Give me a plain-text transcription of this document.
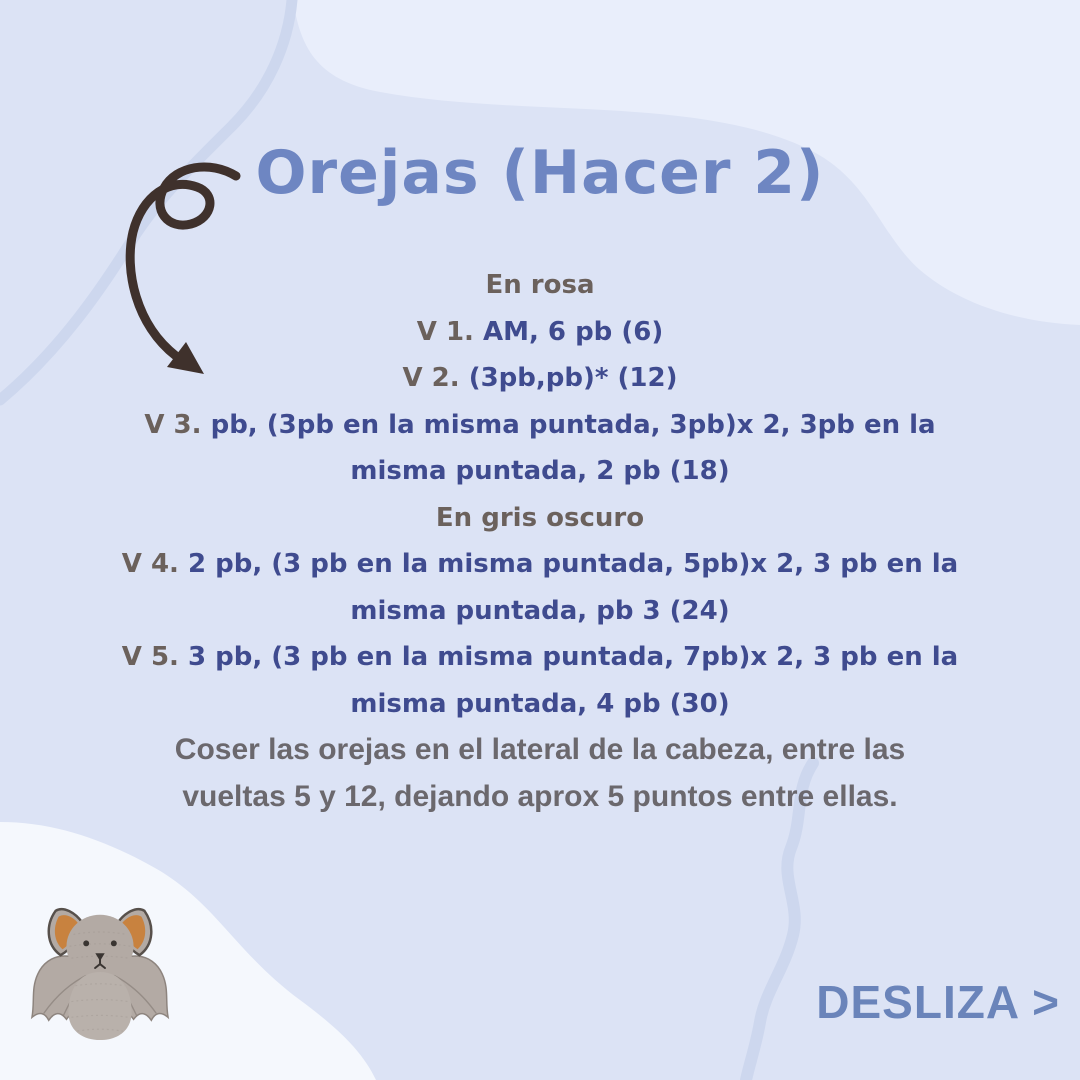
Orejas (Hacer 2)
En rosa
V 1. AM, 6 pb (6)
V 2. (3pb,pb)* (12)
V 3. pb, (3pb en la misma puntada, 3pb)x 2, 3pb en la
misma puntada, 2 pb (18)
En gris oscuro
V 4. 2 pb, (3 pb en la misma puntada, 5pb)x 2, 3 pb en la
misma puntada, pb 3 (24)
V 5. 3 pb, (3 pb en la misma puntada, 7pb)x 2, 3 pb en la
misma puntada, 4 pb (30)
Coser las orejas en el lateral de la cabeza, entre las
vueltas 5 y 12, dejando aprox 5 puntos entre ellas.
DESLIZA >
